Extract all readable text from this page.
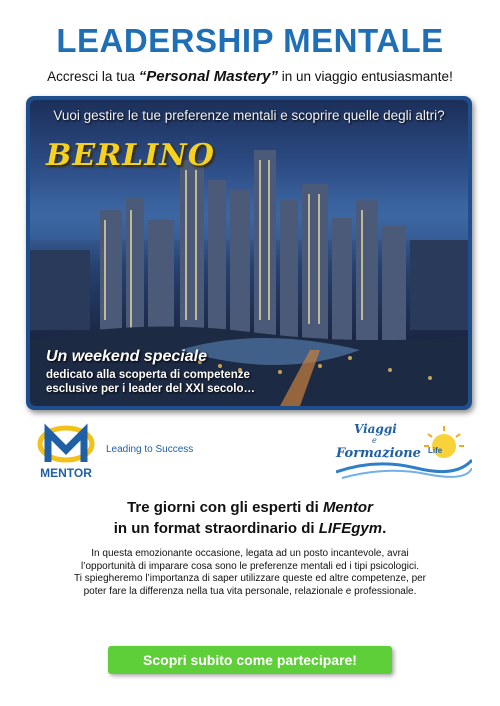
LEADERSHIP MENTALE

Accresci la tua “Personal Mastery” in un viaggio entusiasmante!

Vuoi gestire le tue preferenze mentali e scoprire quelle degli altri?
BERLINO
Un weekend speciale
dedicato alla scoperta di competenze
esclusive per i leader del XXI secolo…
MENTOR
Leading to Success
Viaggi
e
Formazione Life
Tre giorni con gli esperti di Mentor
in un format straordinario di LIFEgym.
In questa emozionante occasione, legata ad un posto incantevole, avrai
l’opportunità di imparare cosa sono le preferenze mentali ed i tipi psicologici.
Ti spiegheremo l’importanza di saper utilizzare queste ed altre competenze, per
poter fare la differenza nella tua vita personale, relazionale e professionale.
Scopri subito come partecipare!
